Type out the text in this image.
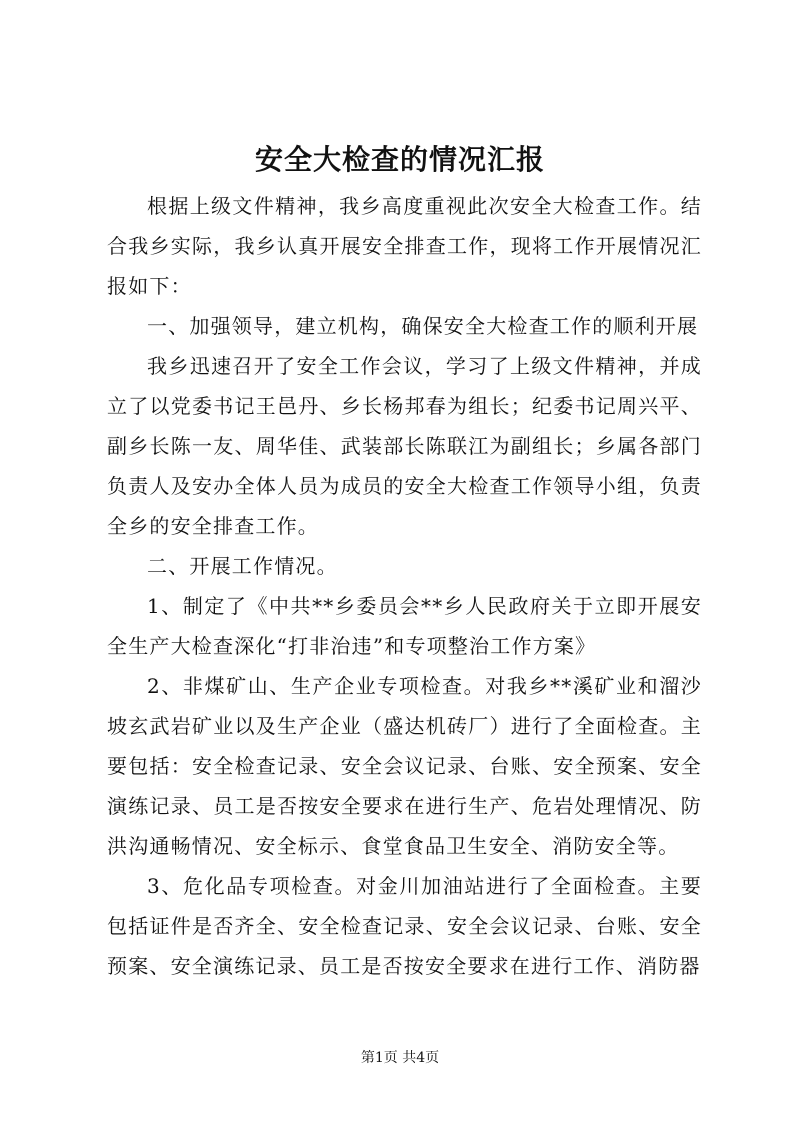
安全大检查的情况汇报

根据上级文件精神，我乡高度重视此次安全大检查工作。结合我乡实际，我乡认真开展安全排查工作，现将工作开展情况汇报如下：

一、加强领导，建立机构，确保安全大检查工作的顺利开展

我乡迅速召开了安全工作会议，学习了上级文件精神，并成立了以党委书记王邑丹、乡长杨邦春为组长；纪委书记周兴平、副乡长陈一友、周华佳、武装部长陈联江为副组长；乡属各部门负责人及安办全体人员为成员的安全大检查工作领导小组，负责全乡的安全排查工作。

二、开展工作情况。

1、制定了《中共**乡委员会**乡人民政府关于立即开展安全生产大检查深化“打非治违”和专项整治工作方案》

2、非煤矿山、生产企业专项检查。对我乡**溪矿业和溜沙坡玄武岩矿业以及生产企业（盛达机砖厂）进行了全面检查。主要包括：安全检查记录、安全会议记录、台账、安全预案、安全演练记录、员工是否按安全要求在进行生产、危岩处理情况、防洪沟通畅情况、安全标示、食堂食品卫生安全、消防安全等。

3、危化品专项检查。对金川加油站进行了全面检查。主要包括证件是否齐全、安全检查记录、安全会议记录、台账、安全预案、安全演练记录、员工是否按安全要求在进行工作、消防器

第1页 共4页
